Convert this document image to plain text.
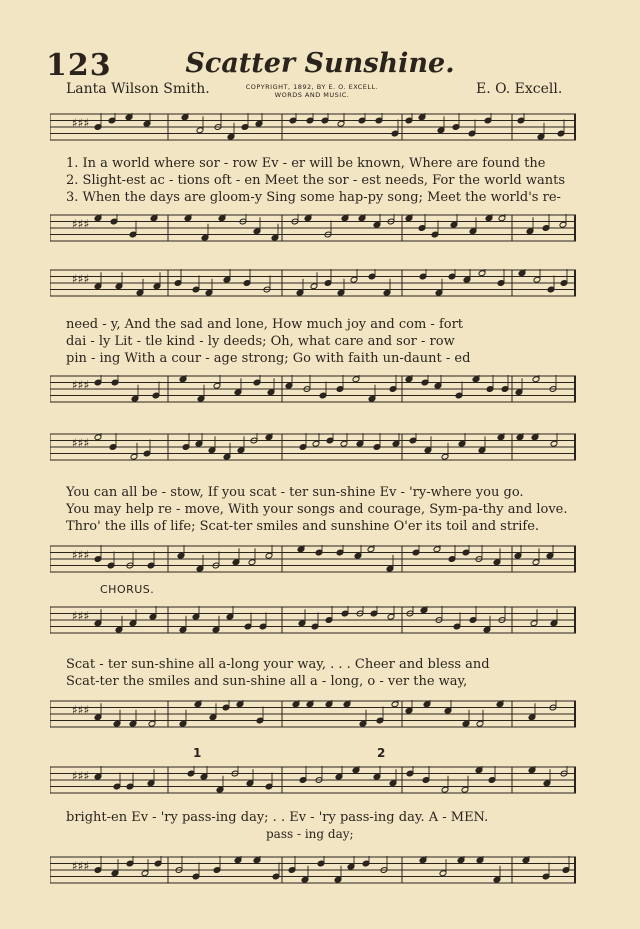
123	Scatter Sunshine.
Lanta Wilson Smith.	COPYRIGHT, 1892, BY E. O. EXCELL.
WORDS AND MUSIC.	E. O. Excell.
♯♯♯
1. In a world where sor - row Ev - er will be known, Where are found the
2. Slight-est ac - tions oft - en Meet the sor - est needs, For the world wants
3. When the days are gloom-y Sing some hap-py song; Meet the world's re-
♯♯♯
♯♯♯
need - y, And the sad and lone, How much joy and com - fort
dai - ly Lit - tle kind - ly deeds; Oh, what care and sor - row
pin - ing With a cour - age strong; Go with faith un-daunt - ed
♯♯♯
♯♯♯
You can all be - stow, If you scat - ter sun-shine Ev - 'ry-where you go.
You may help re - move, With your songs and courage, Sym-pa-thy and love.
Thro' the ills of life; Scat-ter smiles and sunshine O'er its toil and strife.
♯♯♯
CHORUS.
♯♯♯
Scat - ter sun-shine all a-long your way, . . . Cheer and bless and
Scat-ter the smiles and sun-shine all a - long, o - ver the way,
♯♯♯
1	2
♯♯♯
bright-en Ev - 'ry pass-ing day; . . Ev - 'ry pass-ing day. A - MEN.
pass - ing day;
♯♯♯
